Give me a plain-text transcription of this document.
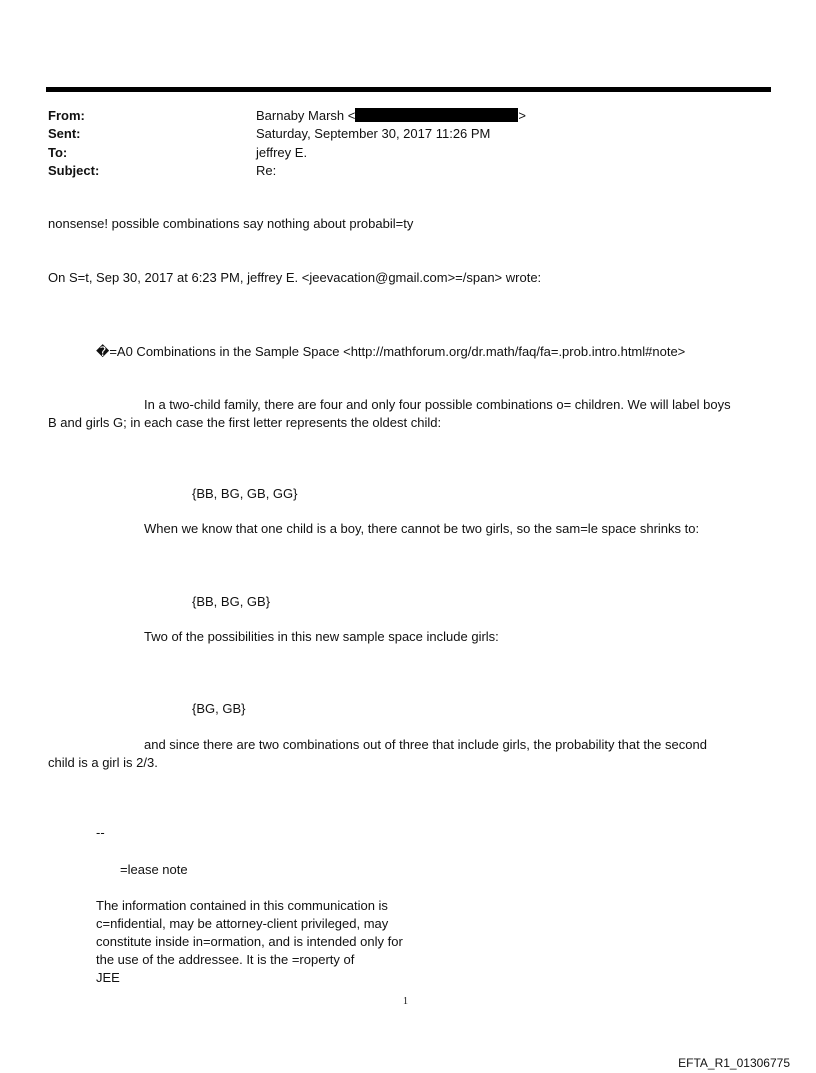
From:	Barnaby Marsh <	>
Sent:	Saturday, September 30, 2017 11:26 PM
To:	jeffrey E.
Subject:	Re:
nonsense! possible combinations say nothing about probabil=ty
On S=t, Sep 30, 2017 at 6:23 PM, jeffrey E. <jeevacation@gmail.com>=/span> wrote:
�=A0 Combinations in the Sample Space <http://mathforum.org/dr.math/faq/fa=.prob.intro.html#note>
In a two-child family, there are four and only four possible combinations o= children. We will label boys
B and girls G; in each case the first letter represents the oldest child:
{BB, BG, GB, GG}
When we know that one child is a boy, there cannot be two girls, so the sam=le space shrinks to:
{BB, BG, GB}
Two of the possibilities in this new sample space include girls:
{BG, GB}
and since there are two combinations out of three that include girls, the probability that the second
child is a girl is 2/3.
--
=lease note
The information contained in this communication is
c=nfidential, may be attorney-client privileged, may
constitute inside in=ormation, and is intended only for
the use of the addressee. It is the =roperty of
JEE
1
EFTA_R1_01306775
